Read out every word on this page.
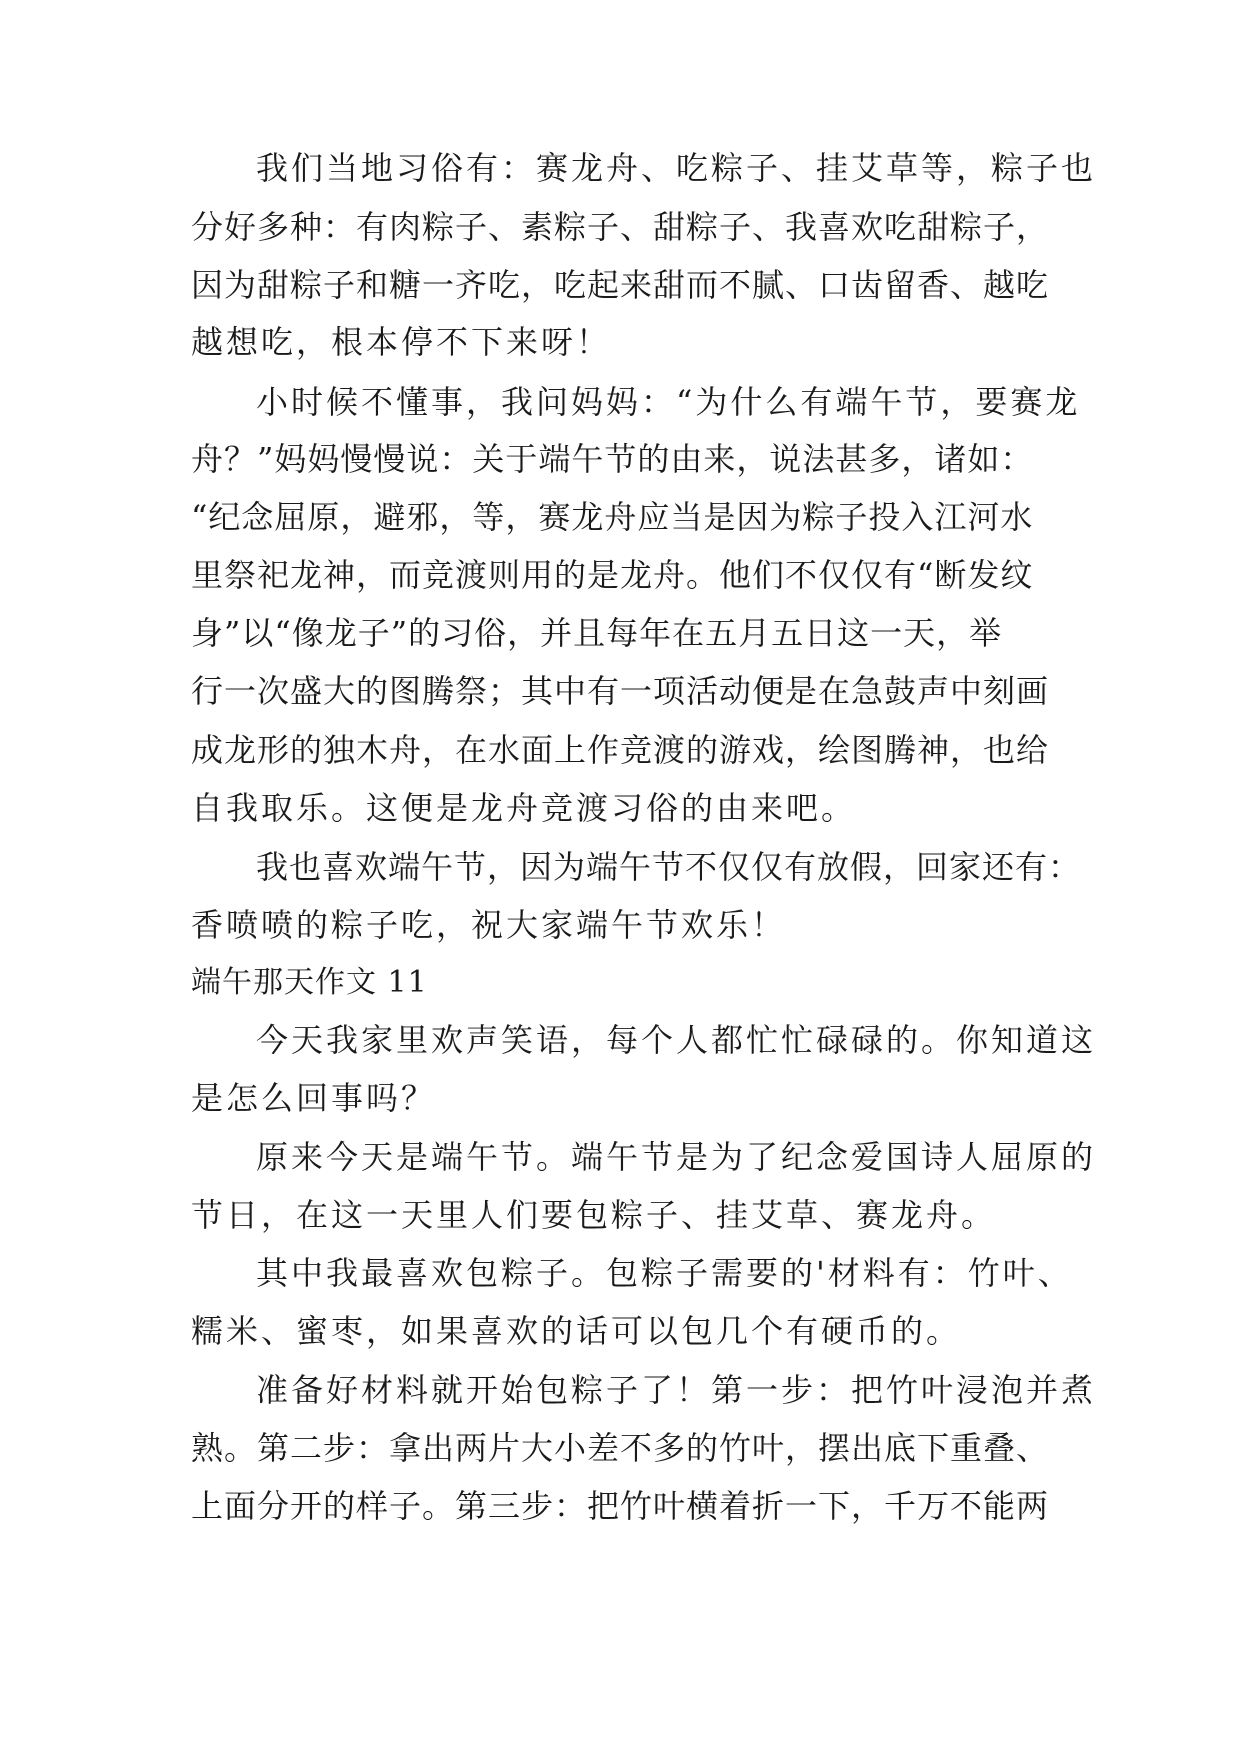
我们当地习俗有：赛龙舟、吃粽子、挂艾草等，粽子也
分好多种：有肉粽子、素粽子、甜粽子、我喜欢吃甜粽子，
因为甜粽子和糖一齐吃，吃起来甜而不腻、口齿留香、越吃
越想吃，根本停不下来呀！
小时候不懂事，我问妈妈：“为什么有端午节，要赛龙
舟？”妈妈慢慢说：关于端午节的由来，说法甚多，诸如：
“纪念屈原，避邪，等，赛龙舟应当是因为粽子投入江河水
里祭祀龙神，而竞渡则用的是龙舟。他们不仅仅有“断发纹
身”以“像龙子”的习俗，并且每年在五月五日这一天，举
行一次盛大的图腾祭；其中有一项活动便是在急鼓声中刻画
成龙形的独木舟，在水面上作竞渡的游戏，绘图腾神，也给
自我取乐。这便是龙舟竞渡习俗的由来吧。
我也喜欢端午节，因为端午节不仅仅有放假，回家还有：
香喷喷的粽子吃，祝大家端午节欢乐！
端午那天作文 11
今天我家里欢声笑语，每个人都忙忙碌碌的。你知道这
是怎么回事吗？
原来今天是端午节。端午节是为了纪念爱国诗人屈原的
节日，在这一天里人们要包粽子、挂艾草、赛龙舟。
其中我最喜欢包粽子。包粽子需要的'材料有：竹叶、
糯米、蜜枣，如果喜欢的话可以包几个有硬币的。
准备好材料就开始包粽子了！第一步：把竹叶浸泡并煮
熟。第二步：拿出两片大小差不多的竹叶，摆出底下重叠、
上面分开的样子。第三步：把竹叶横着折一下，千万不能两
